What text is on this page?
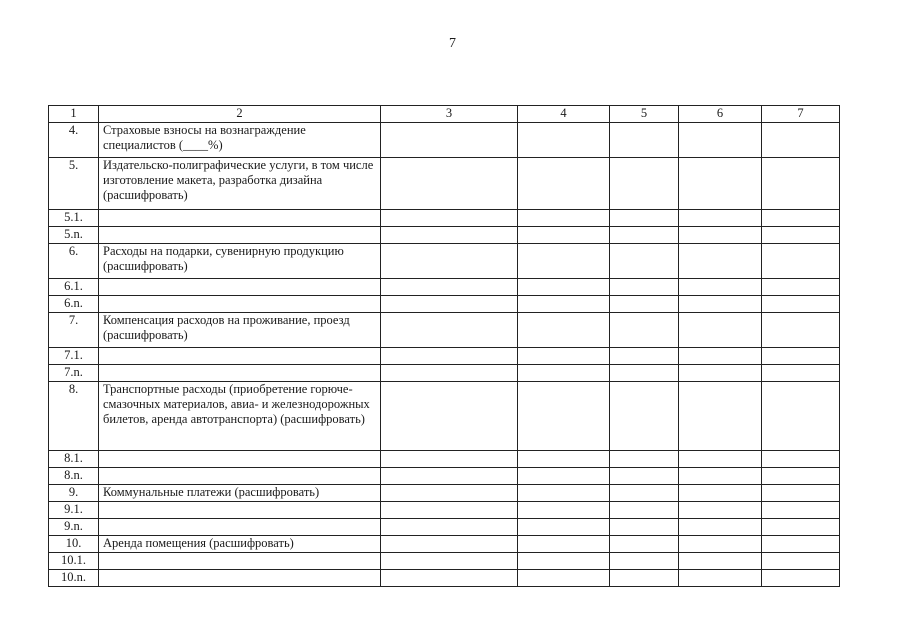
7
1	2	3	4	5	6	7
4.	Страховые взносы на вознаграждение специалистов (____%)					
5.	Издательско-полиграфические услуги, в том числе изготовление макета, разработка дизайна (расшифровать)					
5.1.						
5.n.						
6.	Расходы на подарки, сувенирную продукцию (расшифровать)					
6.1.						
6.n.						
7.	Компенсация расходов на проживание, проезд (расшифровать)					
7.1.						
7.n.						
8.	Транспортные расходы (приобретение горюче-смазочных материалов, авиа- и железнодорожных билетов, аренда автотранспорта) (расшифровать)					
8.1.						
8.n.						
9.	Коммунальные платежи (расшифровать)					
9.1.						
9.n.						
10.	Аренда помещения (расшифровать)					
10.1.						
10.n.						
